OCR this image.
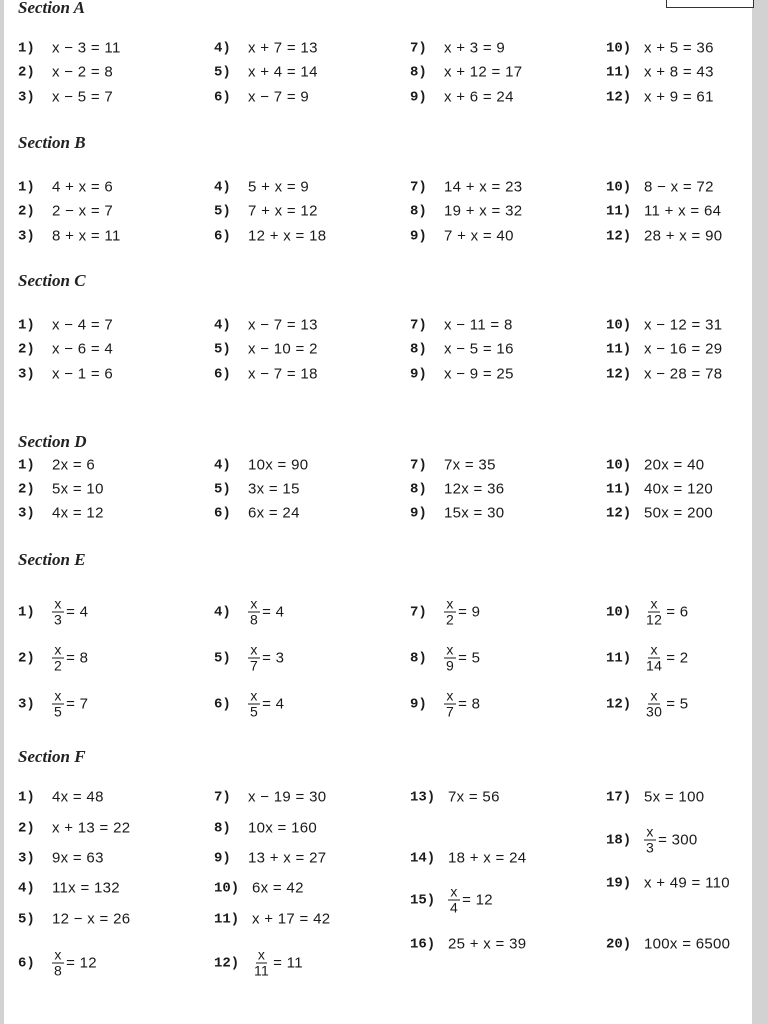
Section A
1)	x − 3 = 11
2)	x − 2 = 8
3)	x − 5 = 7
4)	x + 7 = 13
5)	x + 4 = 14
6)	x − 7 = 9
7)	x + 3 = 9
8)	x + 12 = 17
9)	x + 6 = 24
10) x + 5 = 36
11) x + 8 = 43
12) x + 9 = 61
Section B
1)	4 + x = 6
2)	2 − x = 7
3)	8 + x = 11
4)	5 + x = 9
5)	7 + x = 12
6)	12 + x = 18
7)	14 + x = 23
8)	19 + x = 32
9)	7 + x = 40
10) 8 − x = 72
11) 11 + x = 64
12) 28 + x = 90
Section C
1)	x − 4 = 7
2)	x − 6 = 4
3)	x − 1 = 6
4)	x − 7 = 13
5)	x − 10 = 2
6)	x − 7 = 18
7)	x − 11 = 8
8)	x − 5 = 16
9)	x − 9 = 25
10) x − 12 = 31
11) x − 16 = 29
12) x − 28 = 78
Section D
1)	2x = 6
2)	5x = 10
3)	4x = 12
4)	10x = 90
5)	3x = 15
6)	6x = 24
7)	7x = 35
8)	12x = 36
9)	15x = 30
10) 20x = 40
11) 40x = 120
12) 50x = 200
Section E
1)	$\frac{x}{3} = 4$
2)	$\frac{x}{2} = 8$
3)	$\frac{x}{5} = 7$
4)	$\frac{x}{8} = 4$
5)	$\frac{x}{7} = 3$
6)	$\frac{x}{5} = 4$
7)	$\frac{x}{2} = 9$
8)	$\frac{x}{9} = 5$
9)	$\frac{x}{7} = 8$
$10) \frac{x}{12} = 6$
$11) \frac{x}{14} = 2$
$12) \frac{x}{30} = 5$
Section F
1)	4x = 48
2)	x + 13 = 22
3)	9x = 63
4)	11x = 132
5)	12 − x = 26
6)	$\frac{x}{8} = 12$
7)	x − 19 = 30
8)	10x = 160
9)	13 + x = 27
10) 6x = 42
11) x + 17 = 42
$12) \frac{x}{11} = 11$
13) 7x = 56
14) 18 + x = 24
$15) \frac{x}{4} = 12$
16) 25 + x = 39
17) 5x = 100
$18) \frac{x}{3} = 300$
19) x + 49 = 110
20) 100x = 6500
